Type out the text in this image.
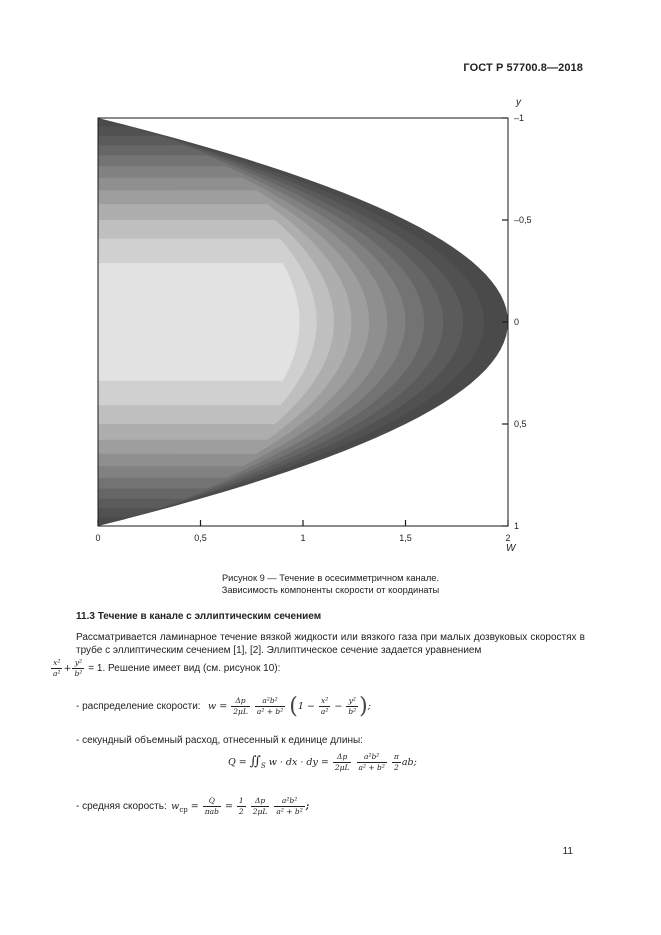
ГОСТ Р 57700.8—2018
0	0,5	1	1,5	2
–1
–0,5
0
0,5
1
W
y
Рисунок 9 — Течение в осесимметричном канале.
Зависимость компоненты скорости от координаты
11.3 Течение в канале с эллиптическим сечением
Рассматривается ламинарное течение вязкой жидкости или вязкого газа при малых дозвуковых скоростях в трубе с эллиптическим сечением [1], [2]. Эллиптическое сечение задается уравнением
$\frac{\text{x²}}{\text{a²}} + \frac{\text{y²}}{\text{b²}} = 1$. Решение имеет вид (см. рисунок 10):
- распределение скорости:  $w = \frac{\Delta p}{2\mu L}$
$\frac{\text{a²b²}}{\text{a² + b²}} (1 - \frac{\text{x²}}{\text{a²}} - \frac{\text{y²}}{\text{b²}}$ );
- секундный объемный расход, отнесенный к единице длины:
$Q = ∬_S$ w · dx · dy = $\frac{\Delta p}{2\mu L}$
$\frac{\text{a²b²}}{\text{a² + b²}}$
$\frac{\pi}{2}$ ab;
- средняя скорость: $w_{ср} = \frac{Q}{\text{πab}} = \frac{1}{2}$
$\frac{\Delta p}{2\mu L}$
$\frac{\text{a²b²}}{\text{a² + b²}}$ ;
11
